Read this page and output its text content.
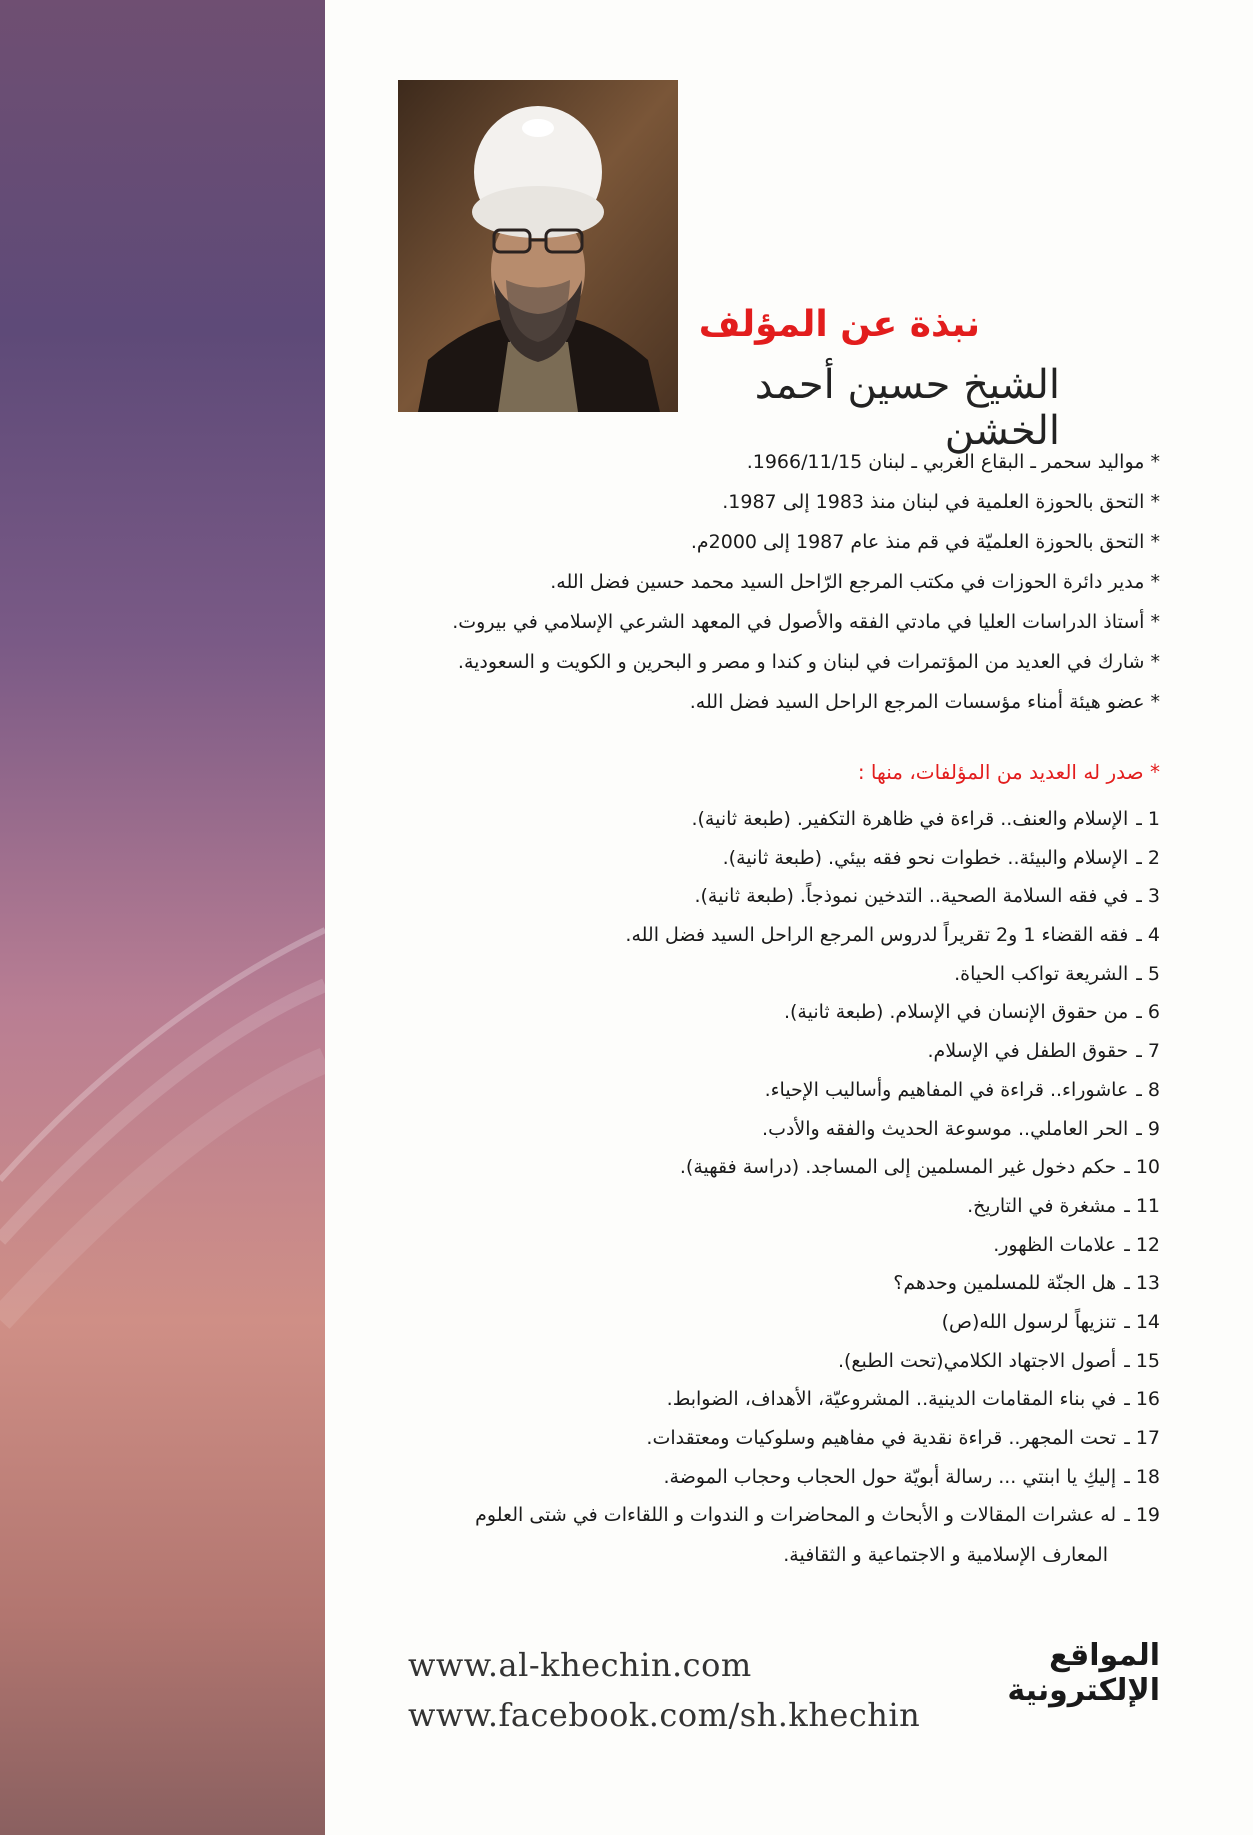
نبذة عن المؤلف
الشيخ حسين أحمد الخشن
* مواليد سحمر ـ البقاع الغربي ـ لبنان 1966/11/15.
* التحق بالحوزة العلمية في لبنان منذ 1983 إلى 1987.
* التحق بالحوزة العلميّة في قم منذ عام 1987 إلى 2000م.
* مدير دائرة الحوزات في مكتب المرجع الرّاحل السيد محمد حسين فضل الله.
* أستاذ الدراسات العليا في مادتي الفقه والأصول في المعهد الشرعي الإسلامي في بيروت.
* شارك في العديد من المؤتمرات في لبنان و كندا و مصر و البحرين و الكويت و السعودية.
* عضو هيئة أمناء مؤسسات المرجع الراحل السيد فضل الله.
* صدر له العديد من المؤلفات، منها :
1 ـالإسلام والعنف.. قراءة في ظاهرة التكفير. (طبعة ثانية).
2 ـالإسلام والبيئة.. خطوات نحو فقه بيئي. (طبعة ثانية).
3 ـفي فقه السلامة الصحية.. التدخين نموذجاً. (طبعة ثانية).
4 ـفقه القضاء 1 و2 تقريراً لدروس المرجع الراحل السيد فضل الله.
5 ـالشريعة تواكب الحياة.
6 ـمن حقوق الإنسان في الإسلام. (طبعة ثانية).
7 ـحقوق الطفل في الإسلام.
8 ـعاشوراء.. قراءة في المفاهيم وأساليب الإحياء.
9 ـالحر العاملي.. موسوعة الحديث والفقه والأدب.
10 ـحكم دخول غير المسلمين إلى المساجد. (دراسة فقهية).
11 ـمشغرة في التاريخ.
12 ـعلامات الظهور.
13 ـهل الجنّة للمسلمين وحدهم؟
14 ـتنزيهاً لرسول الله(ص)
15 ـأصول الاجتهاد الكلامي(تحت الطبع).
16 ـفي بناء المقامات الدينية.. المشروعيّة، الأهداف، الضوابط.
17 ـتحت المجهر.. قراءة نقدية في مفاهيم وسلوكيات ومعتقدات.
18 ـإليكِ يا ابنتي ... رسالة أبويّة حول الحجاب وحجاب الموضة.
19 ـله عشرات المقالات و الأبحاث و المحاضرات و الندوات و اللقاءات في شتى العلوم
المعارف الإسلامية و الاجتماعية و الثقافية.
المواقع الإلكترونية
www.al-khechin.com
www.facebook.com/sh.khechin
